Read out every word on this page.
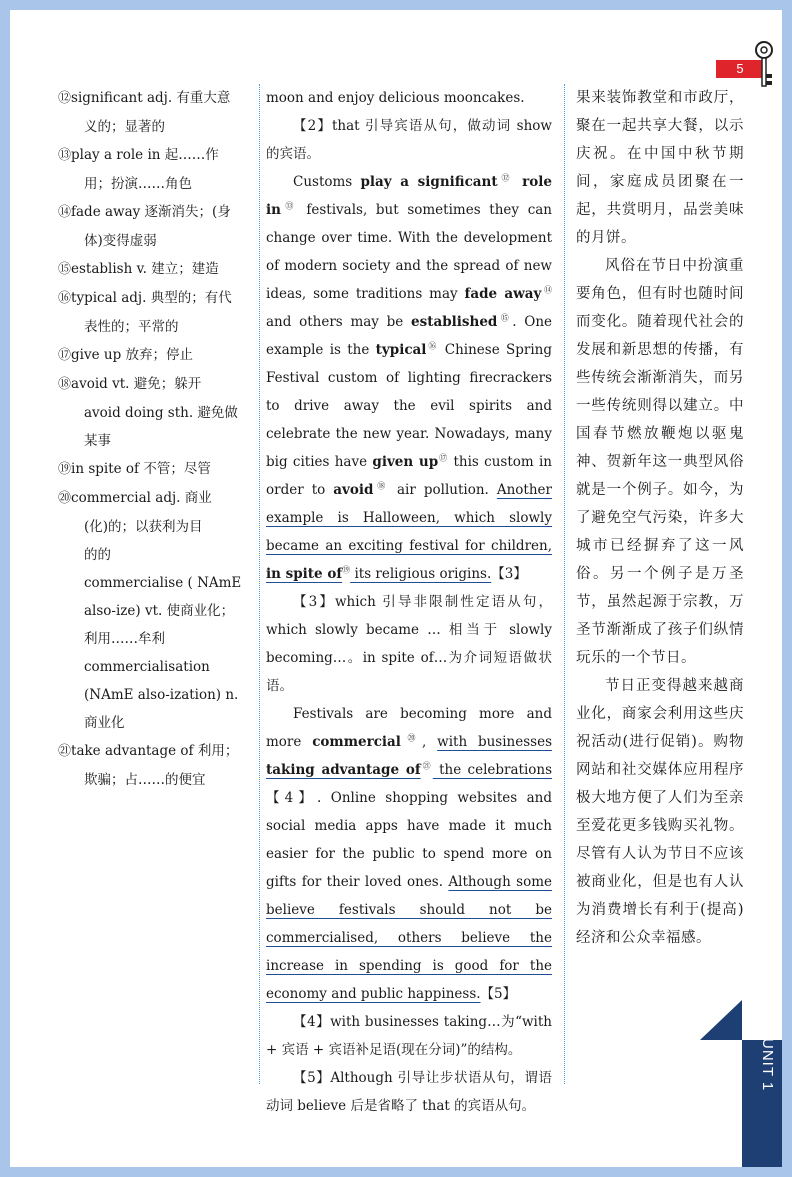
5
⑫significant adj. 有重大意
义的；显著的
⑬play a role in 起……作
用；扮演……角色
⑭fade away 逐渐消失；(身
体)变得虚弱
⑮establish v. 建立；建造
⑯typical adj. 典型的；有代
表性的；平常的
⑰give up 放弃；停止
⑱avoid vt. 避免；躲开
avoid doing sth. 避免做
某事
⑲in spite of 不管；尽管
⑳commercial adj. 商业
(化)的；以获利为目
的的
commercialise ( NAmE
also-ize) vt. 使商业化；
利用……牟利
commercialisation
(NAmE also-ization) n.
商业化
㉑take advantage of 利用；
欺骗；占……的便宜

moon and enjoy delicious mooncakes.

【2】that 引导宾语从句，做动词 show 的宾语。

Customs play a significant⑫ role in⑬ festivals, but sometimes they can change over time. With the development of modern society and the spread of new ideas, some traditions may fade away⑭ and others may be established⑮. One example is the typical⑯ Chinese Spring Festival custom of lighting firecrackers to drive away the evil spirits and celebrate the new year. Nowadays, many big cities have given up⑰ this custom in order to avoid⑱ air pollution. Another example is Halloween, which slowly became an exciting festival for children, in spite of⑲ its religious origins.【3】

【3】which 引导非限制性定语从句，which slowly became … 相当于 slowly becoming…。in spite of…为介词短语做状语。

Festivals are becoming more and more commercial⑳, with businesses taking advantage $of^㉑$ the celebrations【4】. Online shopping websites and social media apps have made it much easier for the public to spend more on gifts for their loved ones. Although some believe festivals should not be commercialised, others believe the increase in spending is good for the economy and public happiness.【5】

【4】with businesses taking…为“with + 宾语 + 宾语补足语(现在分词)”的结构。

【5】Although 引导让步状语从句，谓语动词 believe 后是省略了 that 的宾语从句。

果来装饰教堂和市政厅，聚在一起共享大餐，以示庆祝。在中国中秋节期间，家庭成员团聚在一起，共赏明月，品尝美味的月饼。

风俗在节日中扮演重要角色，但有时也随时间而变化。随着现代社会的发展和新思想的传播，有些传统会渐渐消失，而另一些传统则得以建立。中国春节燃放鞭炮以驱鬼神、贺新年这一典型风俗就是一个例子。如今，为了避免空气污染，许多大城市已经摒弃了这一风俗。另一个例子是万圣节，虽然起源于宗教，万圣节渐渐成了孩子们纵情玩乐的一个节日。

节日正变得越来越商业化，商家会利用这些庆祝活动(进行促销)。购物网站和社交媒体应用程序极大地方便了人们为至亲至爱花更多钱购买礼物。尽管有人认为节日不应该被商业化，但是也有人认为消费增长有利于(提高)经济和公众幸福感。

UNIT 1
